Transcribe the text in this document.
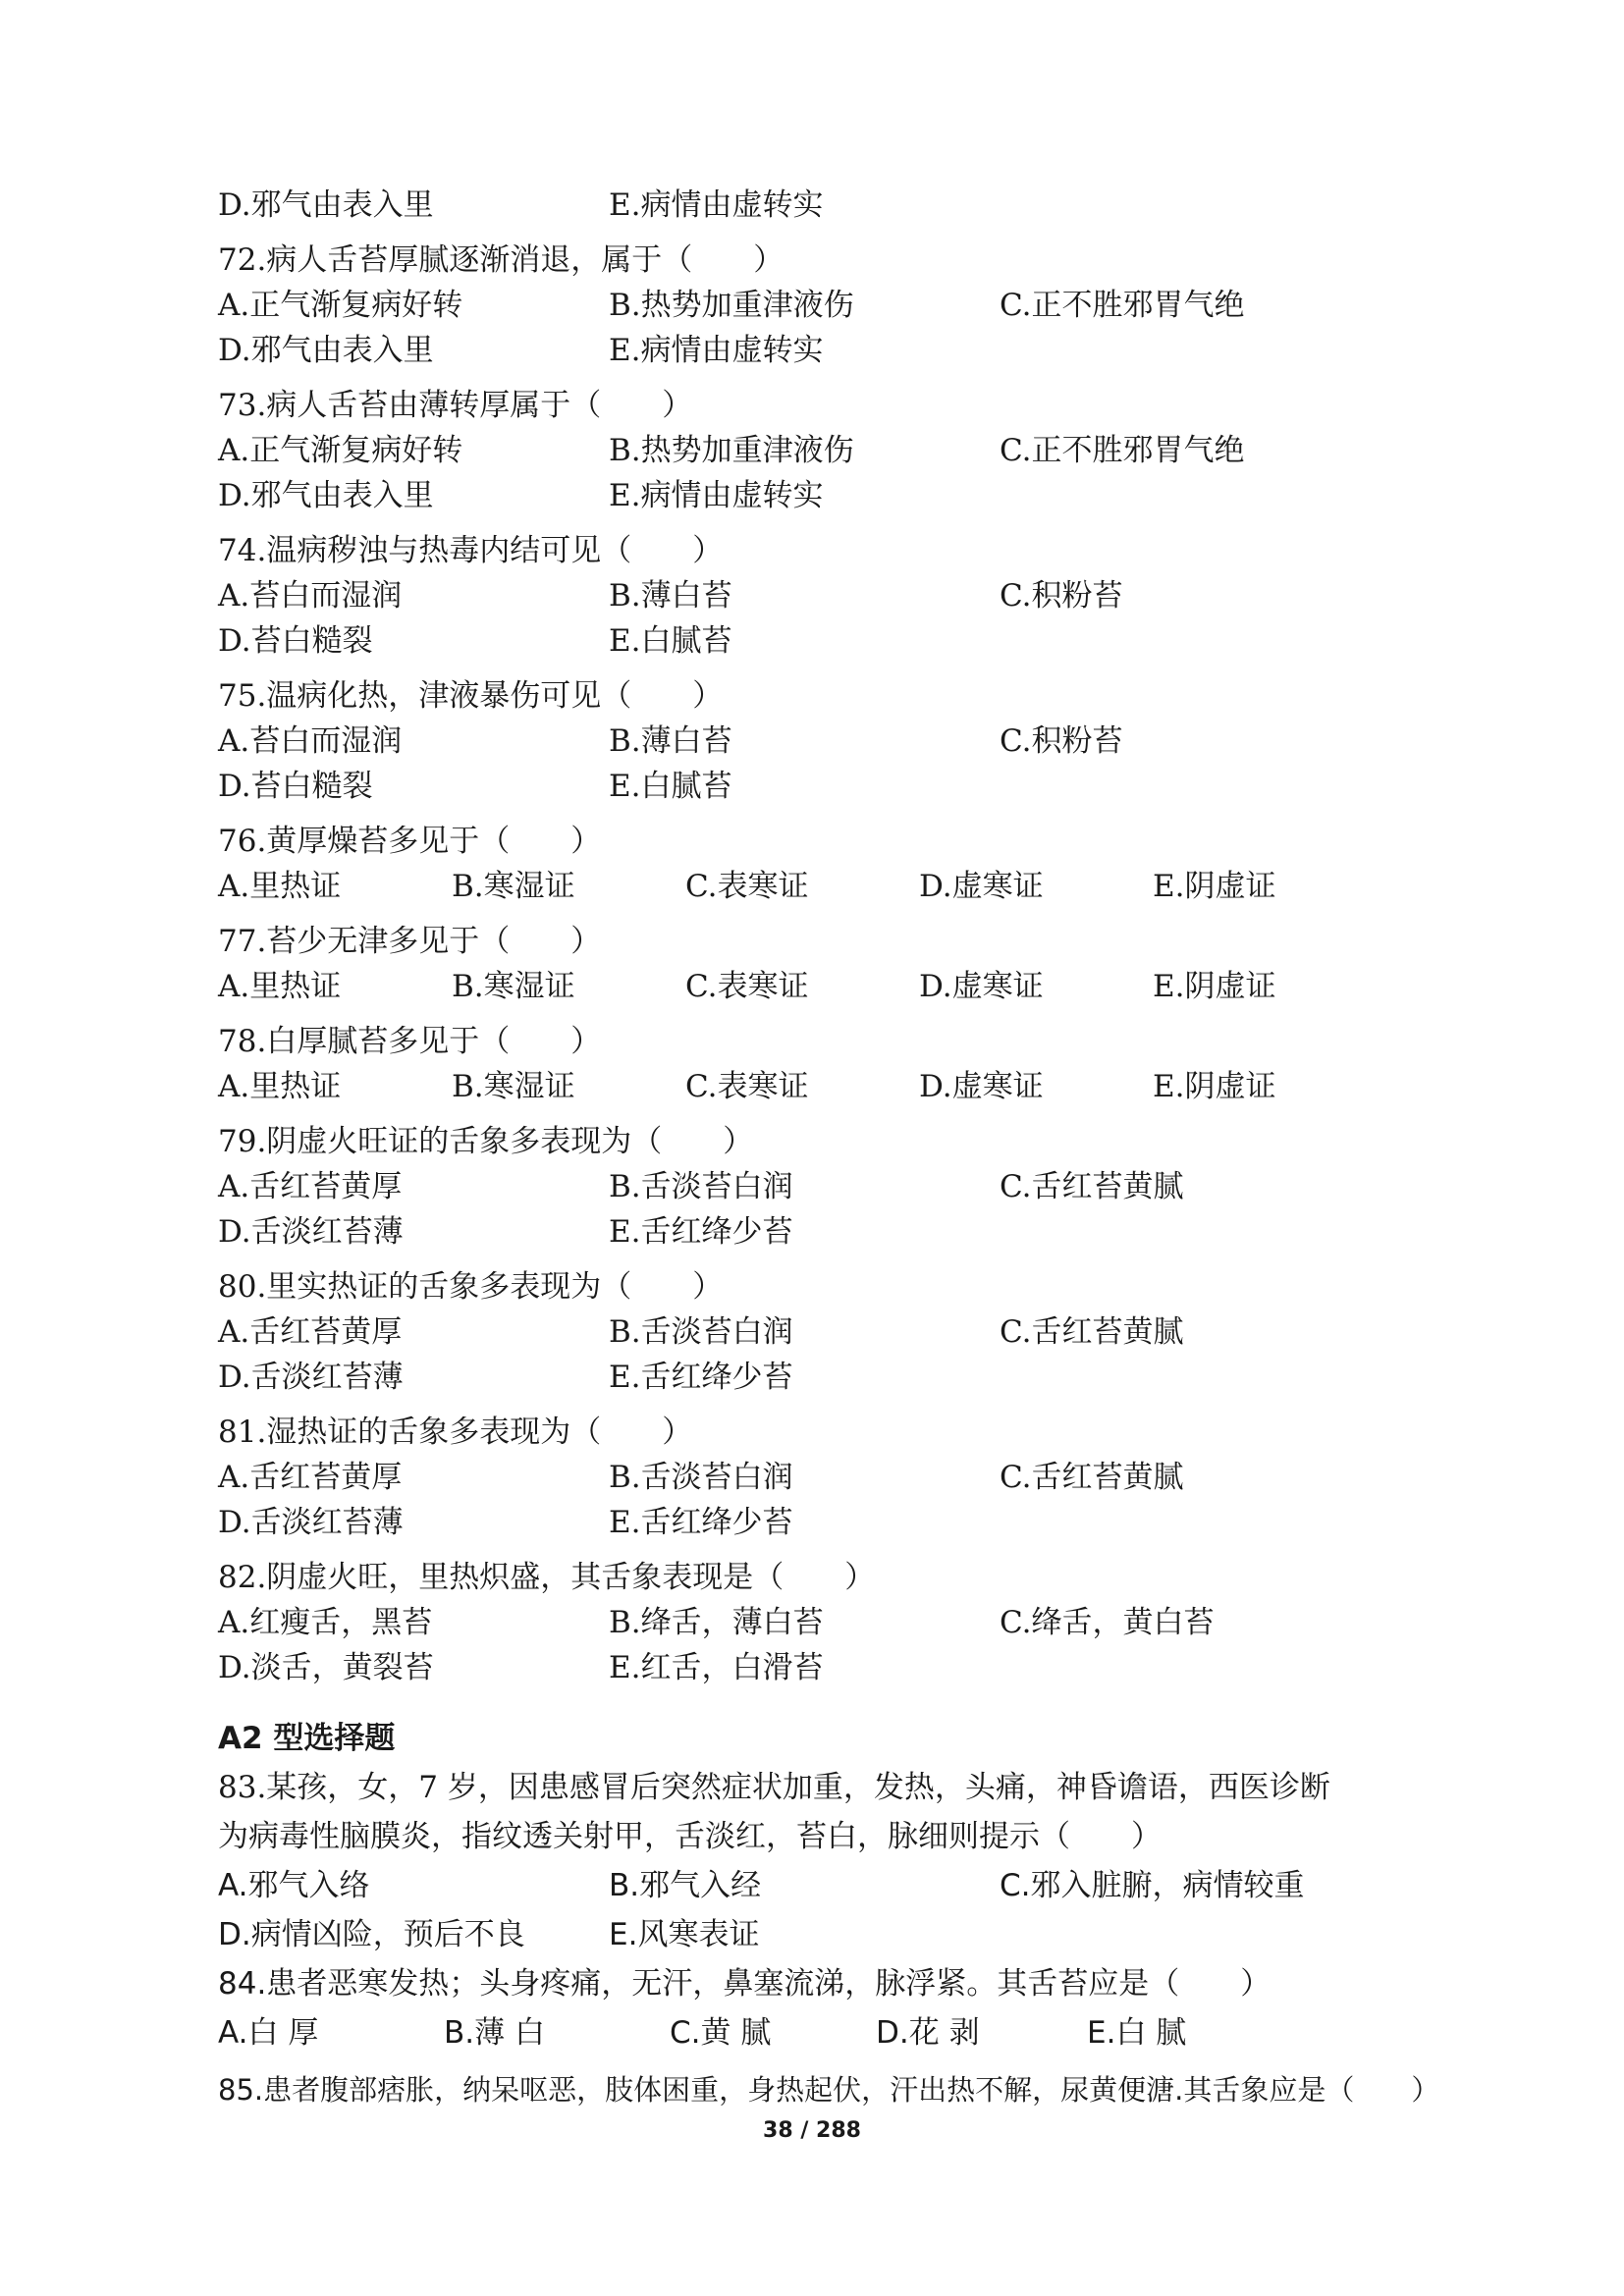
D.邪气由表入里	E.病情由虚转实
72.病人舌苔厚腻逐渐消退，属于（　　）
A.正气渐复病好转	B.热势加重津液伤	C.正不胜邪胃气绝
D.邪气由表入里	E.病情由虚转实
73.病人舌苔由薄转厚属于（　　）
A.正气渐复病好转	B.热势加重津液伤	C.正不胜邪胃气绝
D.邪气由表入里	E.病情由虚转实
74.温病秽浊与热毒内结可见（　　）
A.苔白而湿润	B.薄白苔	C.积粉苔
D.苔白糙裂	E.白腻苔
75.温病化热，津液暴伤可见（　　）
A.苔白而湿润	B.薄白苔	C.积粉苔
D.苔白糙裂	E.白腻苔
76.黄厚燥苔多见于（　　）
A.里热证	B.寒湿证	C.表寒证	D.虚寒证	E.阴虚证
77.苔少无津多见于（　　）
A.里热证	B.寒湿证	C.表寒证	D.虚寒证	E.阴虚证
78.白厚腻苔多见于（　　）
A.里热证	B.寒湿证	C.表寒证	D.虚寒证	E.阴虚证
79.阴虚火旺证的舌象多表现为（　　）
A.舌红苔黄厚	B.舌淡苔白润	C.舌红苔黄腻
D.舌淡红苔薄	E.舌红绛少苔
80.里实热证的舌象多表现为（　　）
A.舌红苔黄厚	B.舌淡苔白润	C.舌红苔黄腻
D.舌淡红苔薄	E.舌红绛少苔
81.湿热证的舌象多表现为（　　）
A.舌红苔黄厚	B.舌淡苔白润	C.舌红苔黄腻
D.舌淡红苔薄	E.舌红绛少苔
82.阴虚火旺，里热炽盛，其舌象表现是（　　）
A.红瘦舌，黑苔	B.绛舌，薄白苔	C.绛舌，黄白苔
D.淡舌，黄裂苔	E.红舌，白滑苔
A2 型选择题
83.某孩，女，7 岁，因患感冒后突然症状加重，发热，头痛，神昏谵语，西医诊断
为病毒性脑膜炎，指纹透关射甲，舌淡红，苔白，脉细则提示（　　）
A.邪气入络	B.邪气入经	C.邪入脏腑，病情较重
D.病情凶险，预后不良	E.风寒表证
84.患者恶寒发热；头身疼痛，无汗，鼻塞流涕，脉浮紧。其舌苔应是（　　）
A.白 厚	B.薄 白	C.黄 腻	D.花 剥	E.白 腻
85.患者腹部痞胀，纳呆呕恶，肢体困重，身热起伏，汗出热不解，尿黄便溏.其舌象应是（　　）
38 / 288
